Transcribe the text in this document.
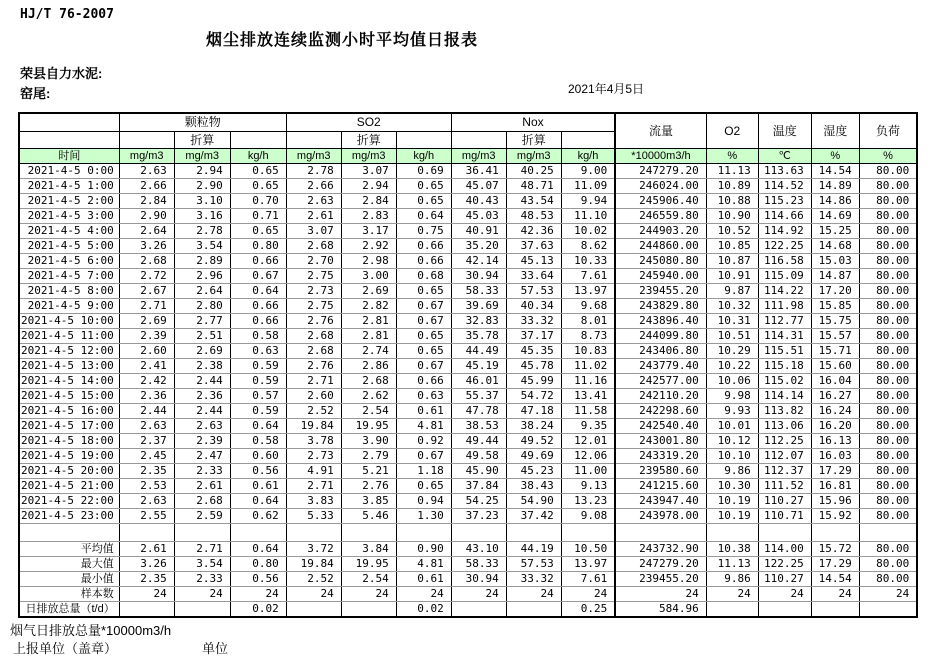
HJ/T 76-2007
烟尘排放连续监测小时平均值日报表
荣县自力水泥:
窑尾:	2021年4月5日
	颗粒物			SO2			Nox			流量	O2	温度	湿度	负荷
		折算			折算			折算						
时间	mg/m3	mg/m3	kg/h	mg/m3	mg/m3	kg/h	mg/m3	mg/m3	kg/h	*10000m3/h	%	℃	%	%
2021-4-5 0:00	2.63	2.94	0.65	2.78	3.07	0.69	36.41	40.25	9.00	247279.20	11.13	113.63	14.54	80.00
2021-4-5 1:00	2.66	2.90	0.65	2.66	2.94	0.65	45.07	48.71	11.09	246024.00	10.89	114.52	14.89	80.00
2021-4-5 2:00	2.84	3.10	0.70	2.63	2.84	0.65	40.43	43.54	9.94	245906.40	10.88	115.23	14.86	80.00
2021-4-5 3:00	2.90	3.16	0.71	2.61	2.83	0.64	45.03	48.53	11.10	246559.80	10.90	114.66	14.69	80.00
2021-4-5 4:00	2.64	2.78	0.65	3.07	3.17	0.75	40.91	42.36	10.02	244903.20	10.52	114.92	15.25	80.00
2021-4-5 5:00	3.26	3.54	0.80	2.68	2.92	0.66	35.20	37.63	8.62	244860.00	10.85	122.25	14.68	80.00
2021-4-5 6:00	2.68	2.89	0.66	2.70	2.98	0.66	42.14	45.13	10.33	245080.80	10.87	116.58	15.03	80.00
2021-4-5 7:00	2.72	2.96	0.67	2.75	3.00	0.68	30.94	33.64	7.61	245940.00	10.91	115.09	14.87	80.00
2021-4-5 8:00	2.67	2.64	0.64	2.73	2.69	0.65	58.33	57.53	13.97	239455.20	9.87	114.22	17.20	80.00
2021-4-5 9:00	2.71	2.80	0.66	2.75	2.82	0.67	39.69	40.34	9.68	243829.80	10.32	111.98	15.85	80.00
2021-4-5 10:00	2.69	2.77	0.66	2.76	2.81	0.67	32.83	33.32	8.01	243896.40	10.31	112.77	15.75	80.00
2021-4-5 11:00	2.39	2.51	0.58	2.68	2.81	0.65	35.78	37.17	8.73	244099.80	10.51	114.31	15.57	80.00
2021-4-5 12:00	2.60	2.69	0.63	2.68	2.74	0.65	44.49	45.35	10.83	243406.80	10.29	115.51	15.71	80.00
2021-4-5 13:00	2.41	2.38	0.59	2.76	2.86	0.67	45.19	45.78	11.02	243779.40	10.22	115.18	15.60	80.00
2021-4-5 14:00	2.42	2.44	0.59	2.71	2.68	0.66	46.01	45.99	11.16	242577.00	10.06	115.02	16.04	80.00
2021-4-5 15:00	2.36	2.36	0.57	2.60	2.62	0.63	55.37	54.72	13.41	242110.20	9.98	114.14	16.27	80.00
2021-4-5 16:00	2.44	2.44	0.59	2.52	2.54	0.61	47.78	47.18	11.58	242298.60	9.93	113.82	16.24	80.00
2021-4-5 17:00	2.63	2.63	0.64	19.84	19.95	4.81	38.53	38.24	9.35	242540.40	10.01	113.06	16.20	80.00
2021-4-5 18:00	2.37	2.39	0.58	3.78	3.90	0.92	49.44	49.52	12.01	243001.80	10.12	112.25	16.13	80.00
2021-4-5 19:00	2.45	2.47	0.60	2.73	2.79	0.67	49.58	49.69	12.06	243319.20	10.10	112.07	16.03	80.00
2021-4-5 20:00	2.35	2.33	0.56	4.91	5.21	1.18	45.90	45.23	11.00	239580.60	9.86	112.37	17.29	80.00
2021-4-5 21:00	2.53	2.61	0.61	2.71	2.76	0.65	37.84	38.43	9.13	241215.60	10.30	111.52	16.81	80.00
2021-4-5 22:00	2.63	2.68	0.64	3.83	3.85	0.94	54.25	54.90	13.23	243947.40	10.19	110.27	15.96	80.00
2021-4-5 23:00	2.55	2.59	0.62	5.33	5.46	1.30	37.23	37.42	9.08	243978.00	10.19	110.71	15.92	80.00

平均值	2.61	2.71	0.64	3.72	3.84	0.90	43.10	44.19	10.50	243732.90	10.38	114.00	15.72	80.00
最大值	3.26	3.54	0.80	19.84	19.95	4.81	58.33	57.53	13.97	247279.20	11.13	122.25	17.29	80.00
最小值	2.35	2.33	0.56	2.52	2.54	0.61	30.94	33.32	7.61	239455.20	9.86	110.27	14.54	80.00
样本数	24	24	24	24	24	24	24	24	24	24	24	24	24	24

日排放总量（t/d）			0.02			0.02			0.25	584.96				
烟气日排放总量*10000m3/h
上报单位（盖章）	单位
